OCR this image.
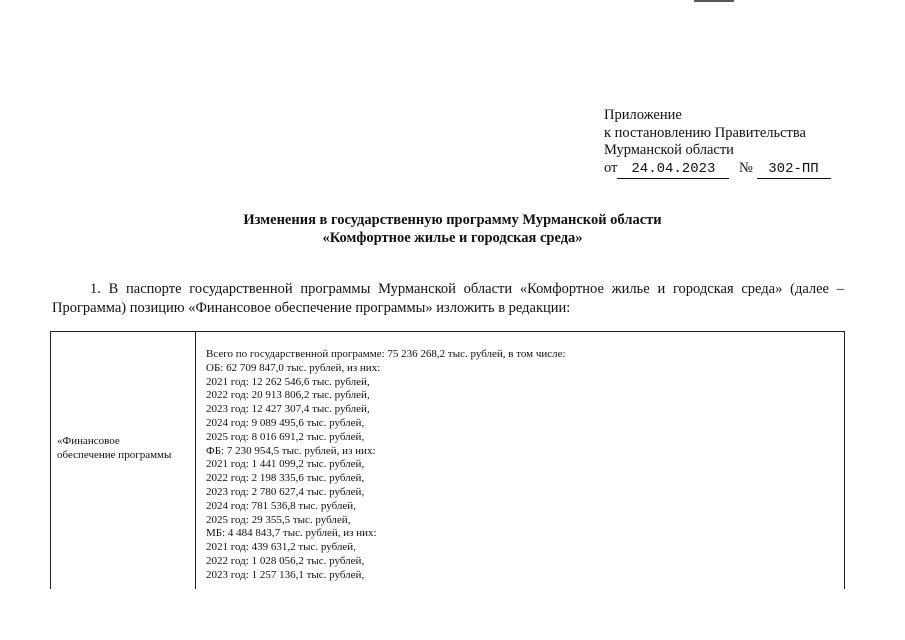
Приложение
к постановлению Правительства
Мурманской области
от 24.04.2023 № 302-ПП
Изменения в государственную программу Мурманской области
«Комфортное жилье и городская среда»
1. В паспорте государственной программы Мурманской области «Комфортное жилье и городская среда» (далее – Программа) позицию «Финансовое обеспечение программы» изложить в редакции:
«Финансовое
обеспечение программы
Всего по государственной программе: 75 236 268,2 тыс. рублей, в том числе:
ОБ: 62 709 847,0 тыс. рублей, из них:
2021 год: 12 262 546,6 тыс. рублей,
2022 год: 20 913 806,2 тыс. рублей,
2023 год: 12 427 307,4 тыс. рублей,
2024 год: 9 089 495,6 тыс. рублей,
2025 год: 8 016 691,2 тыс. рублей,
ФБ: 7 230 954,5 тыс. рублей, из них:
2021 год: 1 441 099,2 тыс. рублей,
2022 год: 2 198 335,6 тыс. рублей,
2023 год: 2 780 627,4 тыс. рублей,
2024 год: 781 536,8 тыс. рублей,
2025 год: 29 355,5 тыс. рублей,
МБ: 4 484 843,7 тыс. рублей, из них:
2021 год: 439 631,2 тыс. рублей,
2022 год: 1 028 056,2 тыс. рублей,
2023 год: 1 257 136,1 тыс. рублей,
